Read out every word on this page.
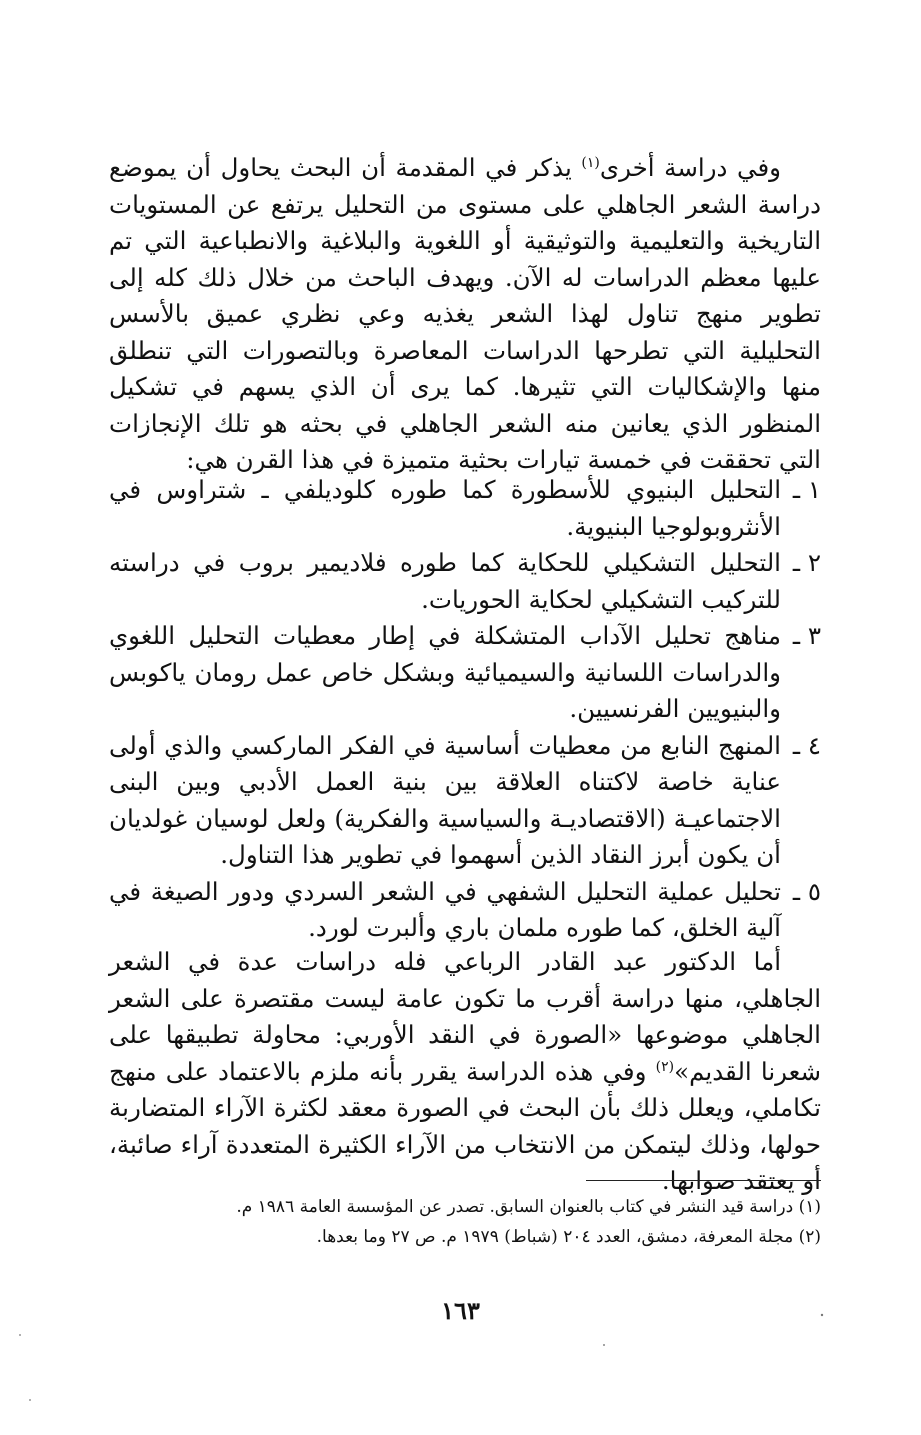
وفي دراسة أخرى$^{(١)}$ يذكر في المقدمة أن البحث يحاول أن يموضع دراسة الشعر الجاهلي على مستوى من التحليل يرتفع عن المستويات التاريخية والتعليمية والتوثيقية أو اللغوية والبلاغية والانطباعية التي تم عليها معظم الدراسات له الآن. ويهدف الباحث من خلال ذلك كله إلى تطوير منهج تناول لهذا الشعر يغذيه وعي نظري عميق بالأسس التحليلية التي تطرحها الدراسات المعاصرة وبالتصورات التي تنطلق منها والإشكاليات التي تثيرها. كما يرى أن الذي يسهم في تشكيل المنظور الذي يعانين منه الشعر الجاهلي في بحثه هو تلك الإنجازات التي تحققت في خمسة تيارات بحثية متميزة في هذا القرن هي:

١ ـ
التحليل البنيوي للأسطورة كما طوره كلوديلفي ـ شتراوس في الأنثروبولوجيا البنيوية.
٢ ـ
التحليل التشكيلي للحكاية كما طوره فلاديمير بروب في دراسته للتركيب التشكيلي لحكاية الحوريات.
٣ ـ
مناهج تحليل الآداب المتشكلة في إطار معطيات التحليل اللغوي والدراسات اللسانية والسيميائية وبشكل خاص عمل رومان ياكوبس والبنيويين الفرنسيين.
٤ ـ
المنهج النابع من معطيات أساسية في الفكر الماركسي والذي أولى عناية خاصة لاكتناه العلاقة بين بنية العمل الأدبي وبين البنى الاجتماعيـة (الاقتصاديـة والسياسية والفكرية) ولعل لوسيان غولديان أن يكون أبرز النقاد الذين أسهموا في تطوير هذا التناول.
٥ ـ
تحليل عملية التحليل الشفهي في الشعر السردي ودور الصيغة في آلية الخلق، كما طوره ملمان باري وألبرت لورد.

أما الدكتور عبد القادر الرباعي فله دراسات عدة في الشعر الجاهلي، منها دراسة أقرب ما تكون عامة ليست مقتصرة على الشعر الجاهلي موضوعها «الصورة في النقد الأوربي: محاولة تطبيقها على شعرنا القديم»$^{(٢)}$ وفي هذه الدراسة يقرر بأنه ملزم بالاعتماد على منهج تكاملي، ويعلل ذلك بأن البحث في الصورة معقد لكثرة الآراء المتضاربة حولها، وذلك ليتمكن من الانتخاب من الآراء الكثيرة المتعددة آراء صائبة، أو يعتقد صوابها.

(١) دراسة قيد النشر في كتاب بالعنوان السابق. تصدر عن المؤسسة العامة ١٩٨٦ م.
(٢) مجلة المعرفة، دمشق، العدد ٢٠٤ (شباط) ١٩٧٩ م. ص ٢٧ وما بعدها.
١٦٣
